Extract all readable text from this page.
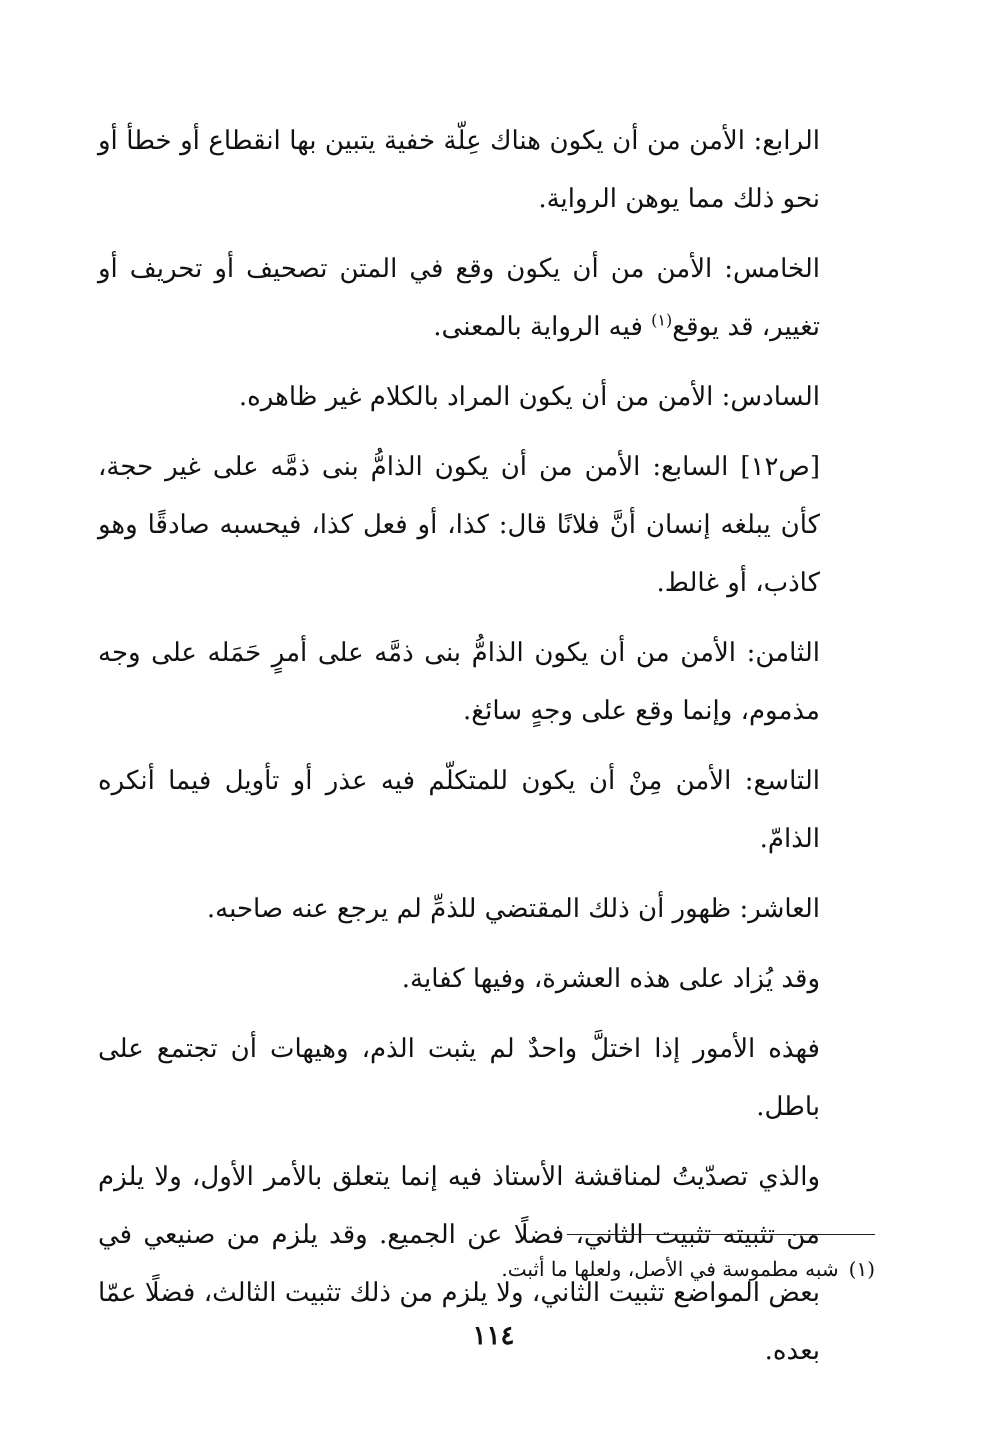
الرابع: الأمن من أن يكون هناك عِلّة خفية يتبين بها انقطاع أو خطأ أو نحو ذلك مما يوهن الرواية.

الخامس: الأمن من أن يكون وقع في المتن تصحيف أو تحريف أو تغيير، قد يوقع$^{(١)}$ فيه الرواية بالمعنى.

السادس: الأمن من أن يكون المراد بالكلام غير ظاهره.

[ص١٢] السابع: الأمن من أن يكون الذامُّ بنى ذمَّه على غير حجة، كأن يبلغه إنسان أنَّ فلانًا قال: كذا، أو فعل كذا، فيحسبه صادقًا وهو كاذب، أو غالط.

الثامن: الأمن من أن يكون الذامُّ بنى ذمَّه على أمرٍ حَمَله على وجه مذموم، وإنما وقع على وجهٍ سائغ.

التاسع: الأمن مِنْ أن يكون للمتكلّم فيه عذر أو تأويل فيما أنكره الذامّ.

العاشر: ظهور أن ذلك المقتضي للذمِّ لم يرجع عنه صاحبه.

وقد يُزاد على هذه العشرة، وفيها كفاية.

فهذه الأمور إذا اختلَّ واحدٌ لم يثبت الذم، وهيهات أن تجتمع على باطل.

والذي تصدّيتُ لمناقشة الأستاذ فيه إنما يتعلق بالأمر الأول، ولا يلزم من تثبيته تثبيت الثاني، فضلًا عن الجميع. وقد يلزم من صنيعي في بعض المواضع تثبيت الثاني، ولا يلزم من ذلك تثبيت الثالث، فضلًا عمّا بعده.

(١)شبه مطموسة في الأصل، ولعلها ما أثبت.
١١٤
